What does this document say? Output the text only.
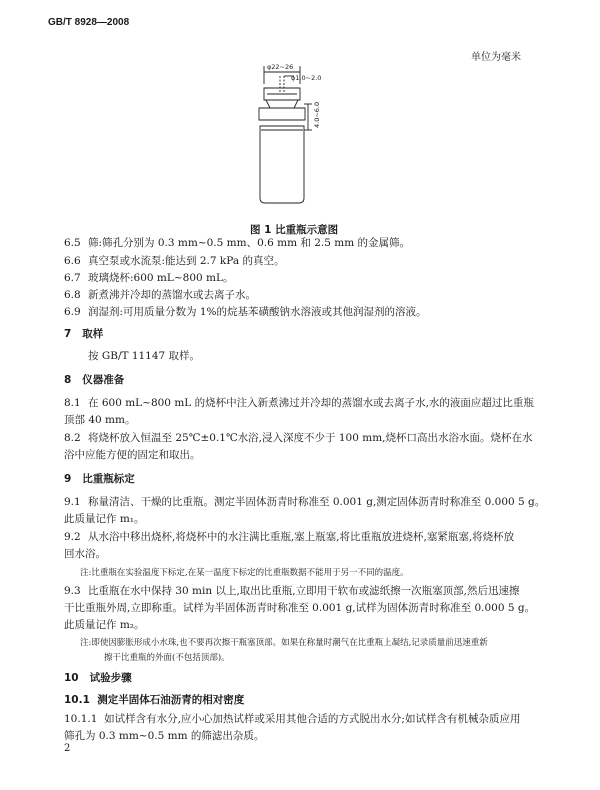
GB/T 8928—2008
单位为毫米
φ22~26
φ1.0~2.0
4.0~6.0
图 1 比重瓶示意图
6.5 筛:筛孔分别为 0.3 mm~0.5 mm、0.6 mm 和 2.5 mm 的金属筛。
6.6 真空泵或水流泵:能达到 2.7 kPa 的真空。
6.7 玻璃烧杯:600 mL~800 mL。
6.8 新煮沸并冷却的蒸馏水或去离子水。
6.9 润湿剂:可用质量分数为 1%的烷基苯磺酸钠水溶液或其他润湿剂的溶液。
7 取样
按 GB/T 11147 取样。
8 仪器准备
8.1 在 600 mL~800 mL 的烧杯中注入新煮沸过并冷却的蒸馏水或去离子水,水的液面应超过比重瓶
顶部 40 mm。
8.2 将烧杯放入恒温至 25℃±0.1℃水浴,浸入深度不少于 100 mm,烧杯口高出水浴水面。烧杯在水
浴中应能方便的固定和取出。
9 比重瓶标定
9.1 称量清洁、干燥的比重瓶。测定半固体沥青时称准至 0.001 g,测定固体沥青时称准至 0.000 5 g。
此质量记作 m₁。
9.2 从水浴中移出烧杯,将烧杯中的水注满比重瓶,塞上瓶塞,将比重瓶放进烧杯,塞紧瓶塞,将烧杯放
回水浴。
注:比重瓶在实验温度下标定,在某一温度下标定的比重瓶数据不能用于另一不同的温度。
9.3 比重瓶在水中保持 30 min 以上,取出比重瓶,立即用干软布或滤纸擦一次瓶塞顶部,然后迅速擦
干比重瓶外周,立即称重。试样为半固体沥青时称准至 0.001 g,试样为固体沥青时称准至 0.000 5 g。
此质量记作 m₂。
注:即使因膨胀形成小水珠,也不要再次擦干瓶塞顶部。如果在称量时潮气在比重瓶上凝结,记录质量前迅速重新
擦干比重瓶的外面(不包括顶部)。
10 试验步骤
10.1 测定半固体石油沥青的相对密度
10.1.1 如试样含有水分,应小心加热试样或采用其他合适的方式脱出水分;如试样含有机械杂质应用
筛孔为 0.3 mm~0.5 mm 的筛滤出杂质。
2
